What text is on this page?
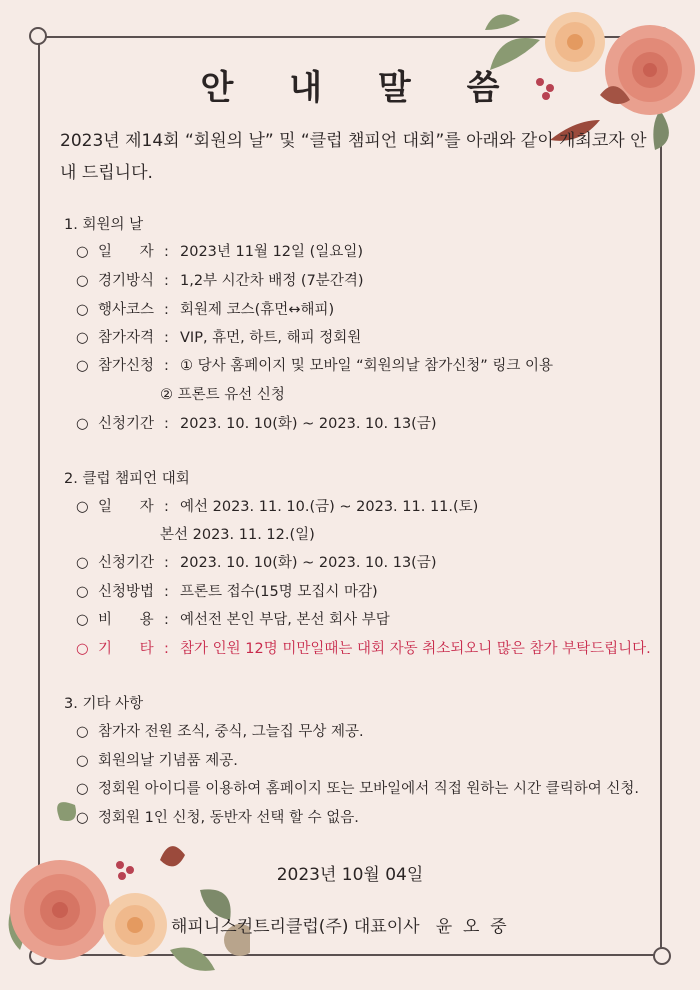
안 내 말 씀
2023년 제14회 “회원의 날” 및 “클럽 챔피언 대회”를 아래와 같이 개최코자 안내 드립니다.
1. 회원의 날
○ 일      자 : 2023년 11월 12일 (일요일)
○ 경기방식 : 1,2부 시간차 배정 (7분간격)
○ 행사코스 : 회원제 코스(휴먼↔해피)
○ 참가자격 : VIP, 휴먼, 하트, 해피 정회원
○ 참가신청 : ① 당사 홈페이지 및 모바일 “회원의날 참가신청” 링크 이용
② 프론트 유선 신청
○ 신청기간 : 2023. 10. 10(화) ~ 2023. 10. 13(금)
2. 클럽 챔피언 대회
○ 일      자 : 예선 2023. 11. 10.(금) ~ 2023. 11. 11.(토)
본선 2023. 11. 12.(일)
○ 신청기간 : 2023. 10. 10(화) ~ 2023. 10. 13(금)
○ 신청방법 : 프론트 접수(15명 모집시 마감)
○ 비      용 : 예선전 본인 부담, 본선 회사 부담
○ 기      타 : 참가 인원 12명 미만일때는 대회 자동 취소되오니 많은 참가 부탁드립니다.
3. 기타 사항
○ 참가자 전원 조식, 중식, 그늘집 무상 제공.
○ 회원의날 기념품 제공.
○ 정회원 아이디를 이용하여 홈페이지 또는 모바일에서 직접 원하는 시간 클릭하여 신청.
○ 정회원 1인 신청, 동반자 선택 할 수 없음.
2023년 10월 04일
해피니스컨트리클럽(주) 대표이사   윤  오  중
